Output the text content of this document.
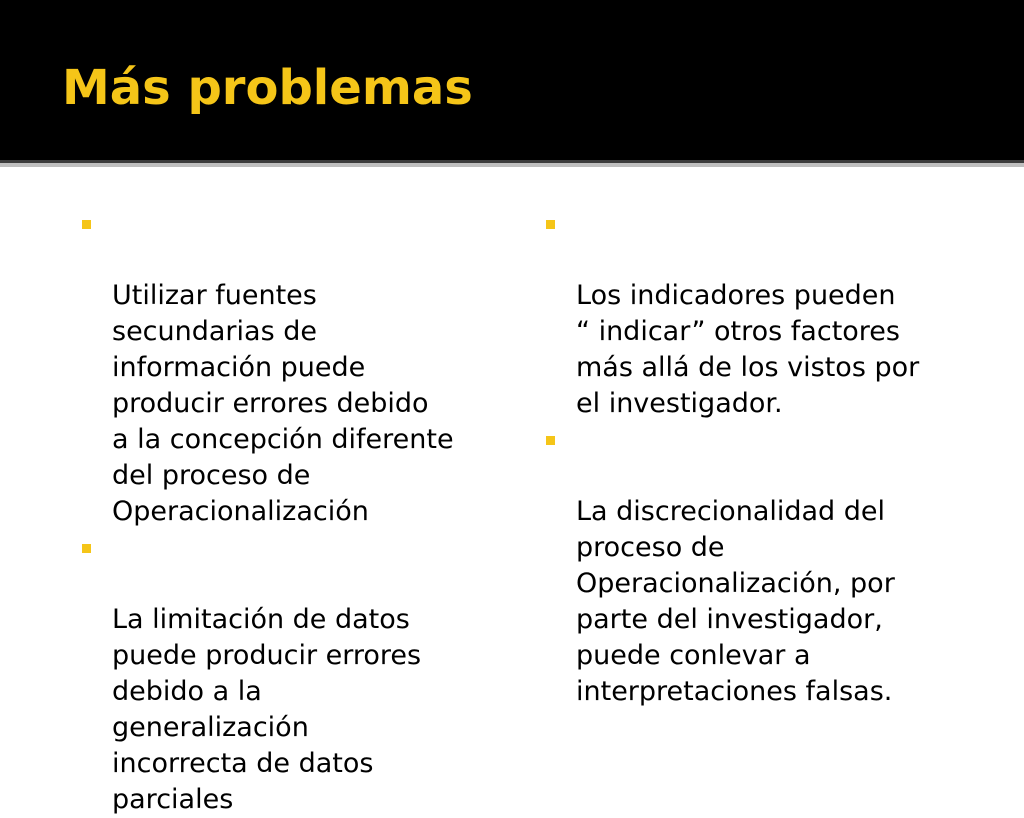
Más problemas

Utilizar fuentes
secundarias de
información puede
producir errores debido
a la concepción diferente
del proceso de
Operacionalización

La limitación de datos
puede producir errores
debido a la
generalización
incorrecta de datos
parciales

Los indicadores pueden
“ indicar” otros factores
más allá de los vistos por
el investigador.

La discrecionalidad del
proceso de
Operacionalización, por
parte del investigador,
puede conlevar a
interpretaciones falsas.
